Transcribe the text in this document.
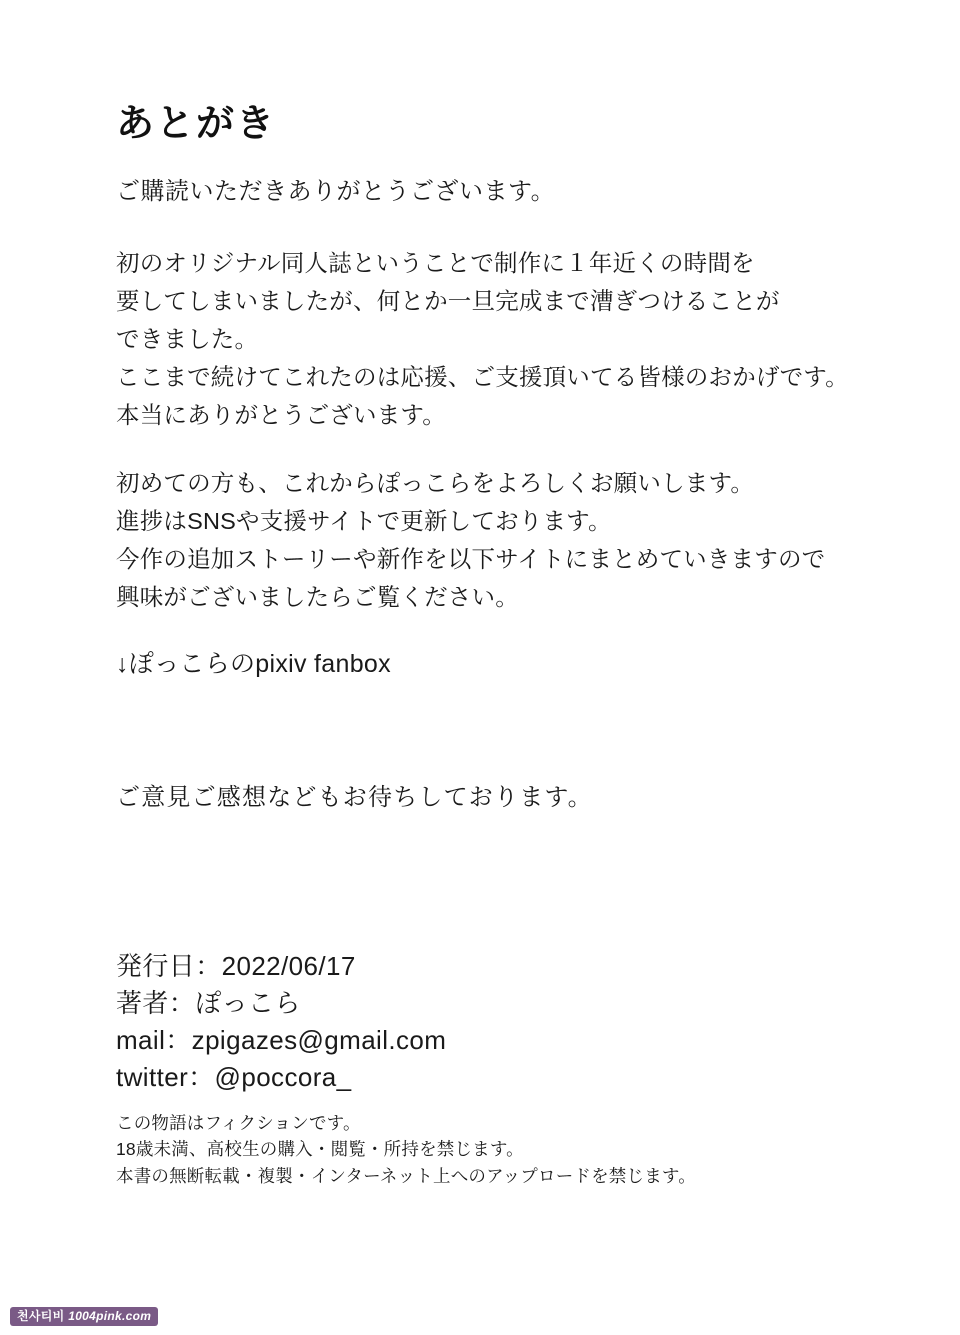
あとがき

ご購読いただきありがとうございます。

初のオリジナル同人誌ということで制作に１年近くの時間を
要してしまいましたが、何とか一旦完成まで漕ぎつけることが
できました。
ここまで続けてこれたのは応援、ご支援頂いてる皆様のおかげです。
本当にありがとうございます。

初めての方も、これからぽっこらをよろしくお願いします。
進捗はSNSや支援サイトで更新しております。
今作の追加ストーリーや新作を以下サイトにまとめていきますので
興味がございましたらご覧ください。

↓ぽっこらのpixiv fanbox

ご意見ご感想などもお待ちしております。

発行日：2022/06/17
著者：ぽっこら
mail：zpigazes@gmail.com
twitter：@poccora_
この物語はフィクションです。
18歳未満、高校生の購入・閲覧・所持を禁じます。
本書の無断転載・複製・インターネット上へのアップロードを禁じます。
천사티비 1004pink.com
